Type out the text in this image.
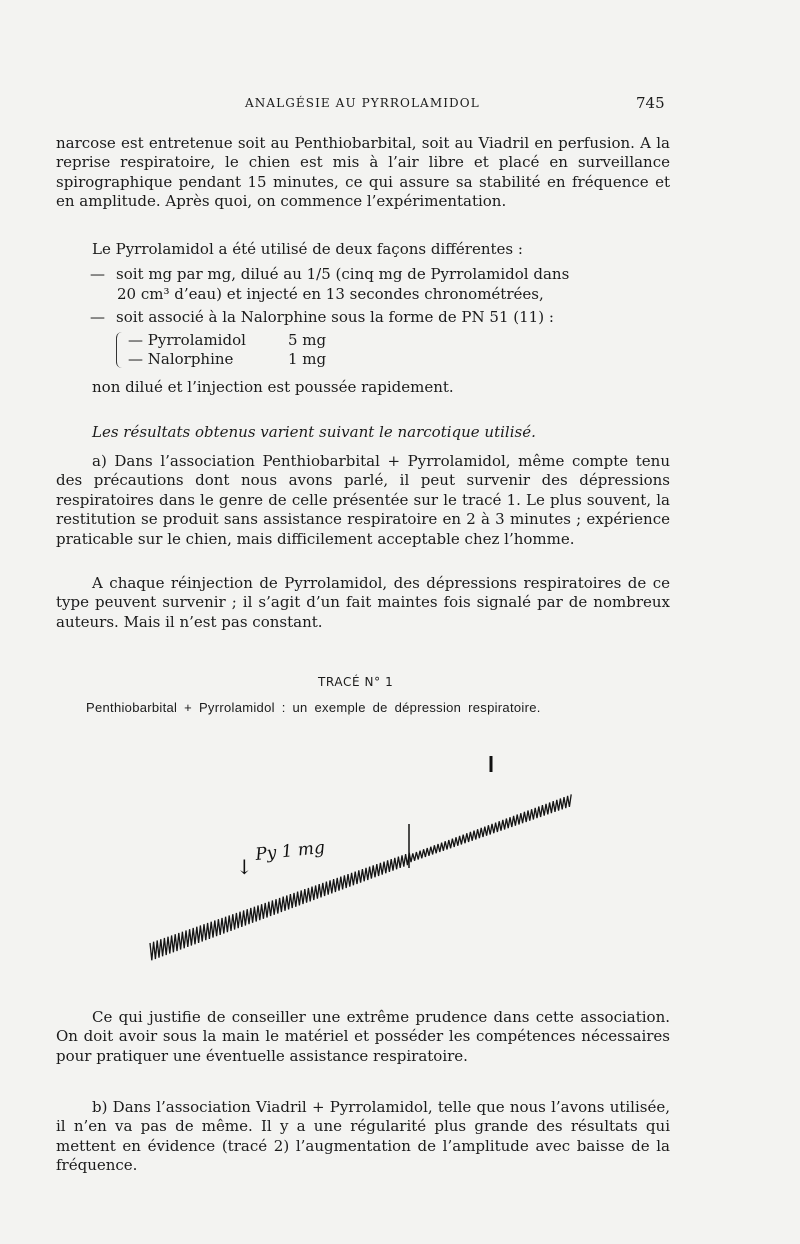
ANALGÉSIE AU PYRROLAMIDOL	745

narcose est entretenue soit au Penthiobarbital, soit au Viadril en perfusion. A la reprise respiratoire, le chien est mis à l’air libre et placé en surveillance spirographique pendant 15 minutes, ce qui assure sa stabilité en fréquence et en amplitude. Après quoi, on commence l’expérimentation.

Le Pyrrolamidol a été utilisé de deux façons différentes :

— soit mg par mg, dilué au 1/5 (cinq mg de Pyrrolamidol dans

20 cm³ d’eau) et injecté en 13 secondes chronométrées,

— soit associé à la Nalorphine sous la forme de PN 51 (11) :

— Pyrrolamidol	5 mg
— Nalorphine	1 mg

non dilué et l’injection est poussée rapidement.

Les résultats obtenus varient suivant le narcotique utilisé.

a) Dans l’association Penthiobarbital + Pyrrolamidol, même compte tenu des précautions dont nous avons parlé, il peut survenir des dépressions respiratoires dans le genre de celle présentée sur le tracé 1. Le plus souvent, la restitution se produit sans assistance respiratoire en 2 à 3 minutes ; expérience praticable sur le chien, mais difficilement acceptable chez l’homme.

A chaque réinjection de Pyrrolamidol, des dépressions respiratoires de ce type peuvent survenir ; il s’agit d’un fait maintes fois signalé par de nombreux auteurs. Mais il n’est pas constant.

TRACÉ N° 1
Penthiobarbital + Pyrrolamidol : un exemple de dépression respiratoire.
↓
Py 1 mg

Ce qui justifie de conseiller une extrême prudence dans cette association. On doit avoir sous la main le matériel et posséder les compétences nécessaires pour pratiquer une éventuelle assistance respiratoire.

b) Dans l’association Viadril + Pyrrolamidol, telle que nous l’avons utilisée, il n’en va pas de même. Il y a une régularité plus grande des résultats qui mettent en évidence (tracé 2) l’augmentation de l’amplitude avec baisse de la fréquence.
